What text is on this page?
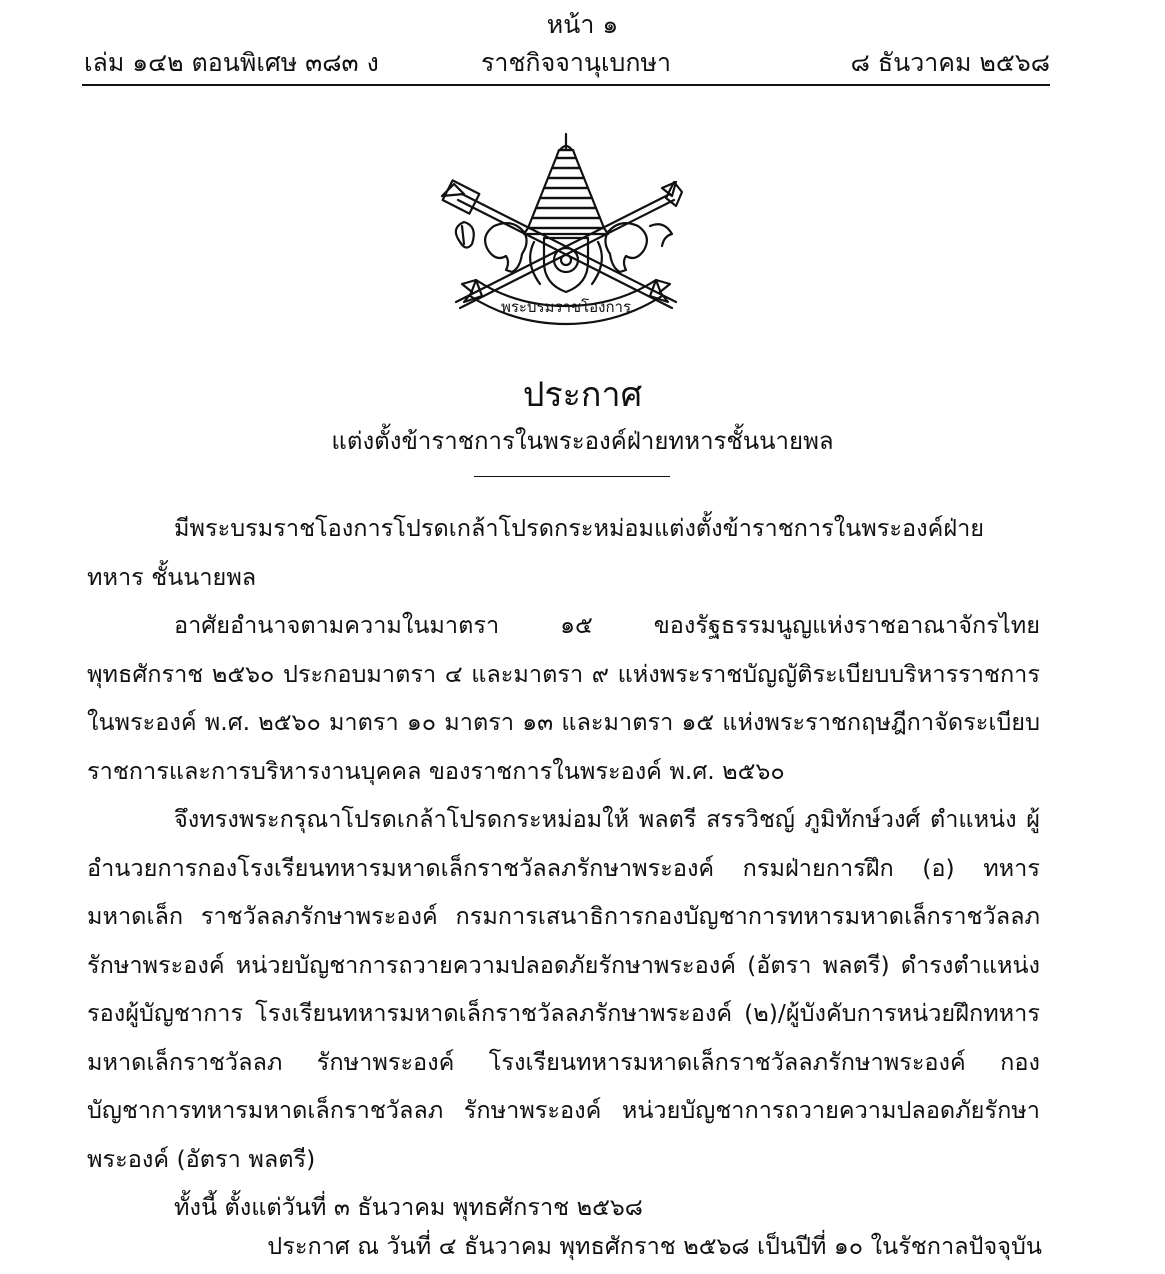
หน้า ๑
เล่ม ๑๔๒ ตอนพิเศษ ๓๘๓ ง	ราชกิจจานุเบกษา	๘ ธันวาคม ๒๕๖๘
พระบรมราชโองการ
ประกาศ
แต่งตั้งข้าราชการในพระองค์ฝ่ายทหารชั้นนายพล

มีพระบรมราชโองการโปรดเกล้าโปรดกระหม่อมแต่งตั้งข้าราชการในพระองค์ฝ่ายทหาร ชั้นนายพล

อาศัยอำนาจตามความในมาตรา ๑๕ ของรัฐธรรมนูญแห่งราชอาณาจักรไทย พุทธศักราช ๒๕๖๐ ประกอบมาตรา ๔ และมาตรา ๙ แห่งพระราชบัญญัติระเบียบบริหารราชการในพระองค์ พ.ศ. ๒๕๖๐ มาตรา ๑๐ มาตรา ๑๓ และมาตรา ๑๕ แห่งพระราชกฤษฎีกาจัดระเบียบราชการและการบริหารงานบุคคล ของราชการในพระองค์ พ.ศ. ๒๕๖๐

จึงทรงพระกรุณาโปรดเกล้าโปรดกระหม่อมให้ พลตรี สรรวิชญ์ ภูมิทักษ์วงศ์ ตำแหน่ง ผู้อำนวยการกองโรงเรียนทหารมหาดเล็กราชวัลลภรักษาพระองค์ กรมฝ่ายการฝึก (อ) ทหารมหาดเล็ก ราชวัลลภรักษาพระองค์ กรมการเสนาธิการกองบัญชาการทหารมหาดเล็กราชวัลลภรักษาพระองค์ หน่วยบัญชาการถวายความปลอดภัยรักษาพระองค์ (อัตรา พลตรี) ดำรงตำแหน่ง รองผู้บัญชาการ โรงเรียนทหารมหาดเล็กราชวัลลภรักษาพระองค์ (๒)/ผู้บังคับการหน่วยฝึกทหารมหาดเล็กราชวัลลภ รักษาพระองค์ โรงเรียนทหารมหาดเล็กราชวัลลภรักษาพระองค์ กองบัญชาการทหารมหาดเล็กราชวัลลภ รักษาพระองค์ หน่วยบัญชาการถวายความปลอดภัยรักษาพระองค์ (อัตรา พลตรี)

ทั้งนี้ ตั้งแต่วันที่ ๓ ธันวาคม พุทธศักราช ๒๕๖๘

ประกาศ ณ วันที่ ๔ ธันวาคม พุทธศักราช ๒๕๖๘ เป็นปีที่ ๑๐ ในรัชกาลปัจจุบัน
